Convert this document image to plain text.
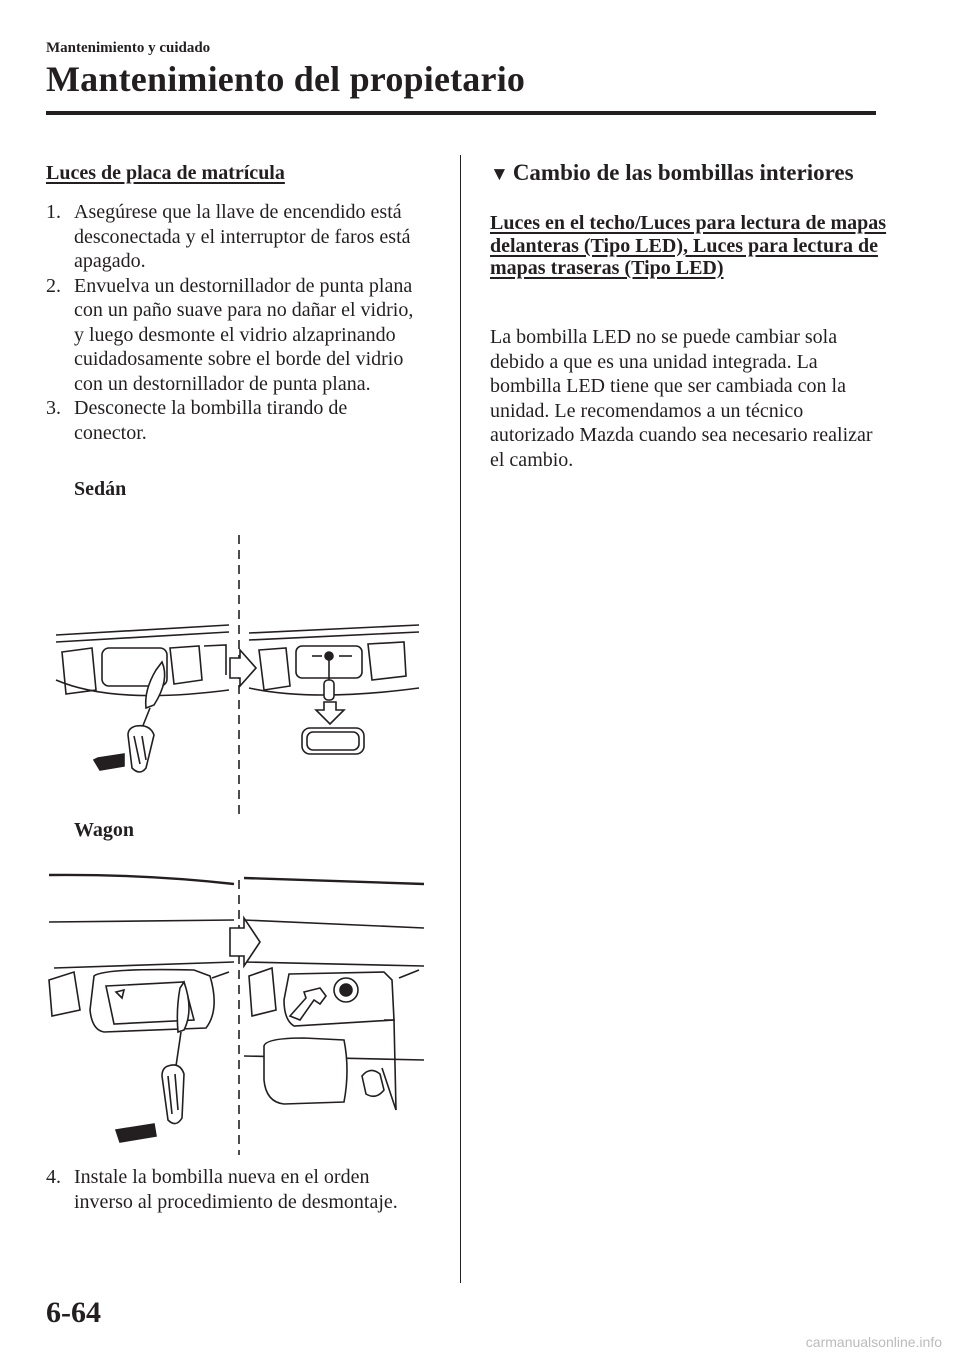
Mantenimiento y cuidado
Mantenimiento del propietario
Luces de placa de matrícula

1. Asegúrese que la llave de encendido está desconectada y el interruptor de faros está apagado.

2. Envuelva un destornillador de punta plana con un paño suave para no dañar el vidrio, y luego desmonte el vidrio alzaprinando cuidadosamente sobre el borde del vidrio con un destornillador de punta plana.

3. Desconecte la bombilla tirando de conector.

Sedán
Wagon

4. Instale la bombilla nueva en el orden inverso al procedimiento de desmontaje.

▼ Cambio de las bombillas interiores
Luces en el techo/Luces para lectura de mapas delanteras (Tipo LED), Luces para lectura de mapas traseras (Tipo LED)
La bombilla LED no se puede cambiar sola debido a que es una unidad integrada. La bombilla LED tiene que ser cambiada con la unidad. Le recomendamos a un técnico autorizado Mazda cuando sea necesario realizar el cambio.
6-64
carmanualsonline.info
